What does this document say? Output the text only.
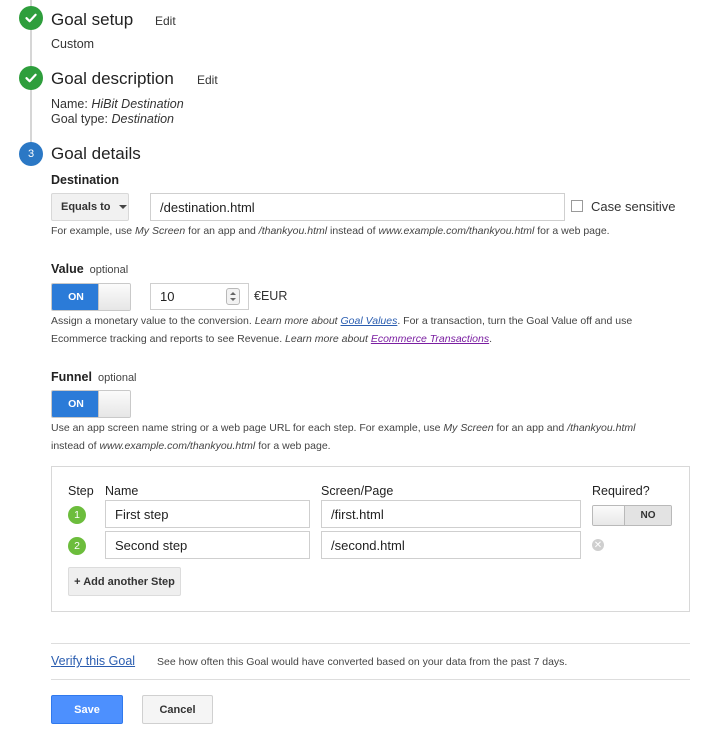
Goal setup Edit
Custom
Goal description Edit
Name: HiBit Destination
Goal type: Destination
3 Goal details
Destination
Equals to	/destination.html	Case sensitive
For example, use My Screen for an app and /thankyou.html instead of www.example.com/thankyou.html for a web page.
Value optional
ON	10	€EUR
Assign a monetary value to the conversion. Learn more about Goal Values. For a transaction, turn the Goal Value off and use
Ecommerce tracking and reports to see Revenue. Learn more about Ecommerce Transactions.
Funnel optional
ON
Use an app screen name string or a web page URL for each step. For example, use My Screen for an app and /thankyou.html
instead of www.example.com/thankyou.html for a web page.
Step Name	Screen/Page	Required?
1	First step	/first.html	NO
2	Second step	/second.html	✕
+ Add another Step
Verify this Goal See how often this Goal would have converted based on your data from the past 7 days.
Save	Cancel
